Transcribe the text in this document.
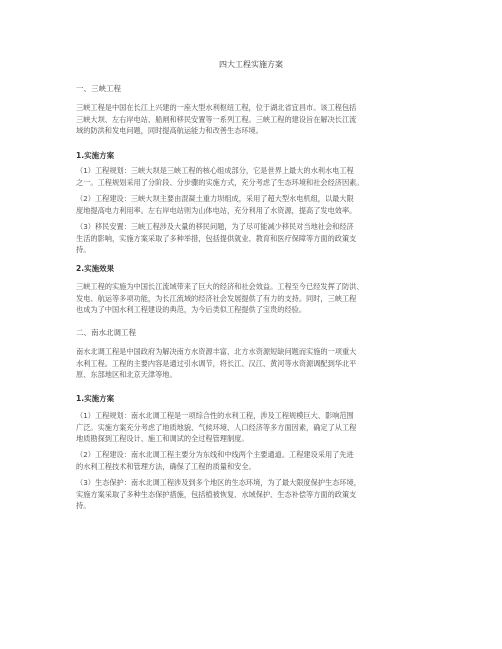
四大工程实施方案
一、三峡工程
三峡工程是中国在长江上兴建的一座大型水利枢纽工程，位于湖北省宜昌市。该工程包括
三峡大坝、左右岸电站、船闸和移民安置等一系列工程。三峡工程的建设旨在解决长江流
域的防洪和发电问题，同时提高航运能力和改善生态环境。
1.实施方案
（1）工程规划：三峡大坝是三峡工程的核心组成部分，它是世界上最大的水利水电工程
之一。工程规划采用了分阶段、分步骤的实施方式，充分考虑了生态环境和社会经济因素。
（2）工程建设：三峡大坝主要由混凝土重力坝组成，采用了超大型水电机组，以最大限
度地提高电力利用率。左右岸电站则为山体电站，充分利用了水资源，提高了发电效率。
（3）移民安置：三峡工程涉及大量的移民问题，为了尽可能减少移民对当地社会和经济
生活的影响，实施方案采取了多种举措，包括提供就业、教育和医疗保障等方面的政策支
持。
2.实施效果
三峡工程的实施为中国长江流域带来了巨大的经济和社会效益。工程至今已经发挥了防洪、
发电、航运等多项功能，为长江流域的经济社会发展提供了有力的支持。同时，三峡工程
也成为了中国水利工程建设的典范，为今后类似工程提供了宝贵的经验。
二、南水北调工程
南水北调工程是中国政府为解决南方水资源丰富、北方水资源短缺问题而实施的一项重大
水利工程。工程的主要内容是通过引水调节，将长江、汉江、黄河等水资源调配到华北平
原、东部地区和北京天津等地。
1.实施方案
（1）工程规划：南水北调工程是一项综合性的水利工程，涉及工程规模巨大、影响范围
广泛。实施方案充分考虑了地质地貌、气候环境、人口经济等多方面因素，确定了从工程
地质勘探到工程设计、施工和调试的全过程管理制度。
（2）工程建设：南水北调工程主要分为东线和中线两个主要通道。工程建设采用了先进
的水利工程技术和管理方法，确保了工程的质量和安全。
（3）生态保护：南水北调工程涉及到多个地区的生态环境，为了最大限度保护生态环境，
实施方案采取了多种生态保护措施，包括植被恢复、水域保护、生态补偿等方面的政策支
持。
